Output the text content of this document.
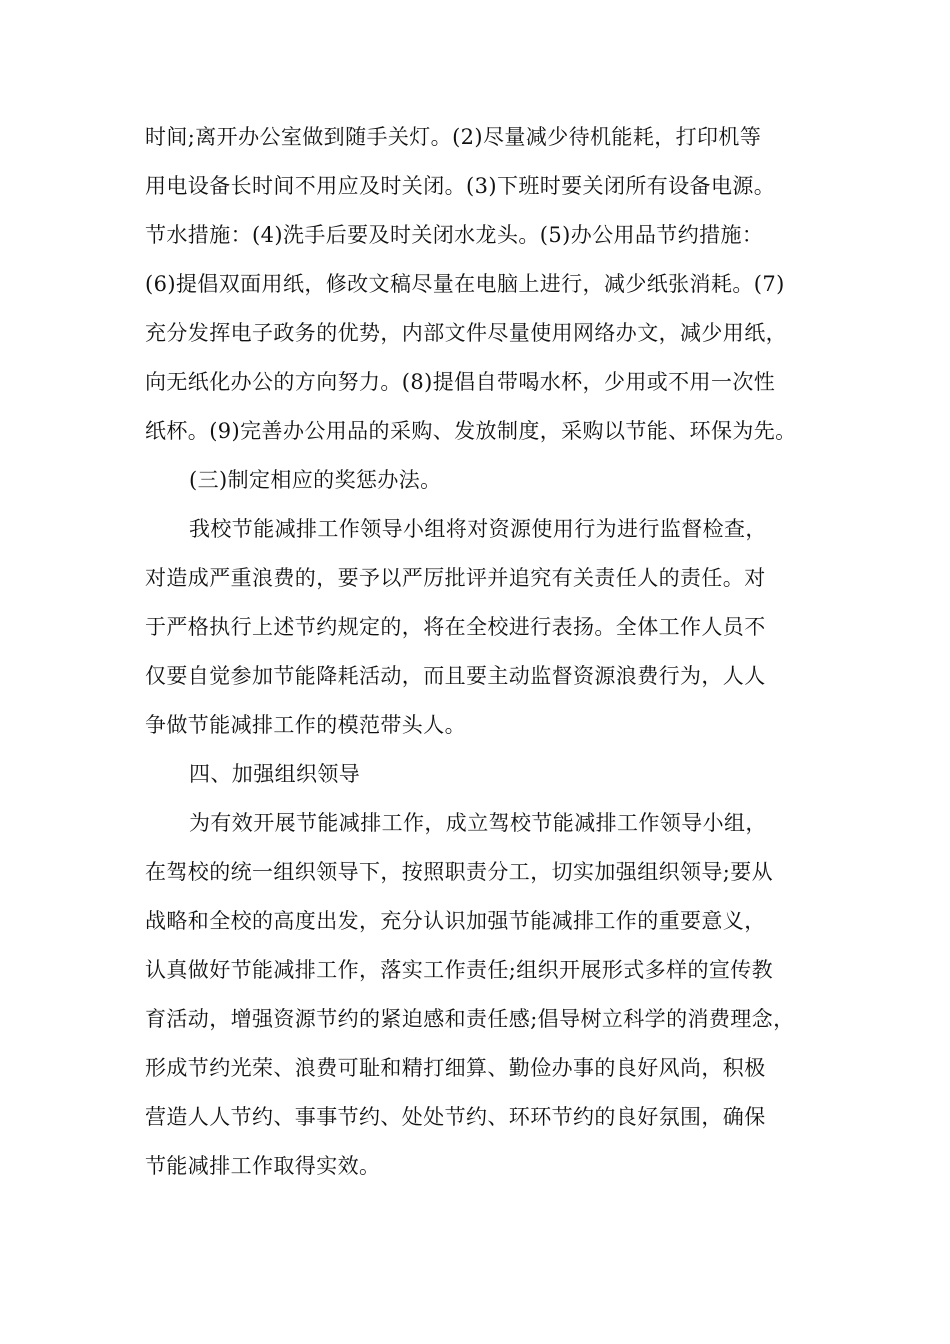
时间;离开办公室做到随手关灯。(2)尽量减少待机能耗，打印机等
用电设备长时间不用应及时关闭。(3)下班时要关闭所有设备电源。
节水措施：(4)洗手后要及时关闭水龙头。(5)办公用品节约措施：
(6)提倡双面用纸，修改文稿尽量在电脑上进行，减少纸张消耗。(7)
充分发挥电子政务的优势，内部文件尽量使用网络办文，减少用纸，
向无纸化办公的方向努力。(8)提倡自带喝水杯，少用或不用一次性
纸杯。(9)完善办公用品的采购、发放制度，采购以节能、环保为先。
(三)制定相应的奖惩办法。
我校节能减排工作领导小组将对资源使用行为进行监督检查，
对造成严重浪费的，要予以严厉批评并追究有关责任人的责任。对
于严格执行上述节约规定的，将在全校进行表扬。全体工作人员不
仅要自觉参加节能降耗活动，而且要主动监督资源浪费行为，人人
争做节能减排工作的模范带头人。
四、加强组织领导
为有效开展节能减排工作，成立驾校节能减排工作领导小组，
在驾校的统一组织领导下，按照职责分工，切实加强组织领导;要从
战略和全校的高度出发，充分认识加强节能减排工作的重要意义，
认真做好节能减排工作，落实工作责任;组织开展形式多样的宣传教
育活动，增强资源节约的紧迫感和责任感;倡导树立科学的消费理念，
形成节约光荣、浪费可耻和精打细算、勤俭办事的良好风尚，积极
营造人人节约、事事节约、处处节约、环环节约的良好氛围，确保
节能减排工作取得实效。
